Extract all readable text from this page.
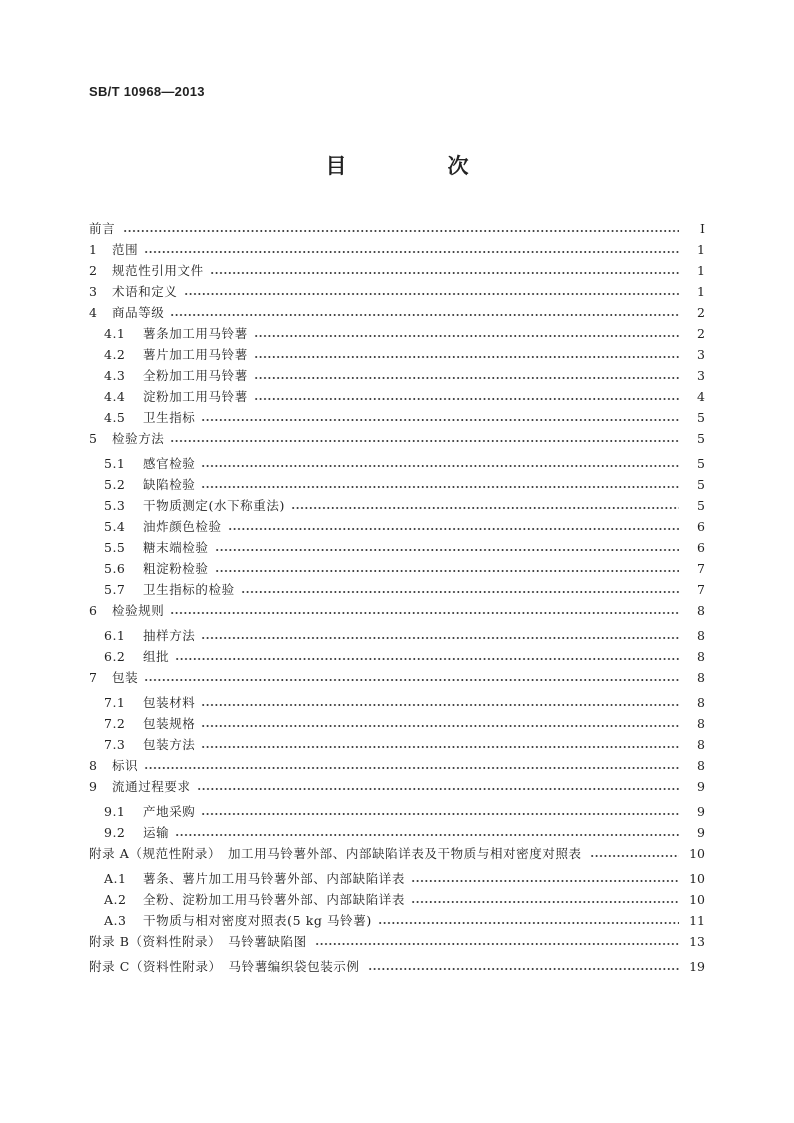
SB/T 10968—2013
目　次
前言	Ⅰ
1	范围	1
2	规范性引用文件	1
3	术语和定义	1
4	商品等级	2
4.1	薯条加工用马铃薯	2
4.2	薯片加工用马铃薯	3
4.3	全粉加工用马铃薯	3
4.4	淀粉加工用马铃薯	4
4.5	卫生指标	5
5	检验方法	5
5.1	感官检验	5
5.2	缺陷检验	5
5.3	干物质测定(水下称重法)	5
5.4	油炸颜色检验	6
5.5	糖末端检验	6
5.6	粗淀粉检验	7
5.7	卫生指标的检验	7
6	检验规则	8
6.1	抽样方法	8
6.2	组批	8
7	包装	8
7.1	包装材料	8
7.2	包装规格	8
7.3	包装方法	8
8	标识	8
9	流通过程要求	9
9.1	产地采购	9
9.2	运输	9
附录 A（规范性附录）　加工用马铃薯外部、内部缺陷详表及干物质与相对密度对照表	10
A.1	薯条、薯片加工用马铃薯外部、内部缺陷详表	10
A.2	全粉、淀粉加工用马铃薯外部、内部缺陷详表	10
A.3	干物质与相对密度对照表(5 kg 马铃薯)	11
附录 B（资料性附录）　马铃薯缺陷图	13
附录 C（资料性附录）　马铃薯编织袋包装示例	19
